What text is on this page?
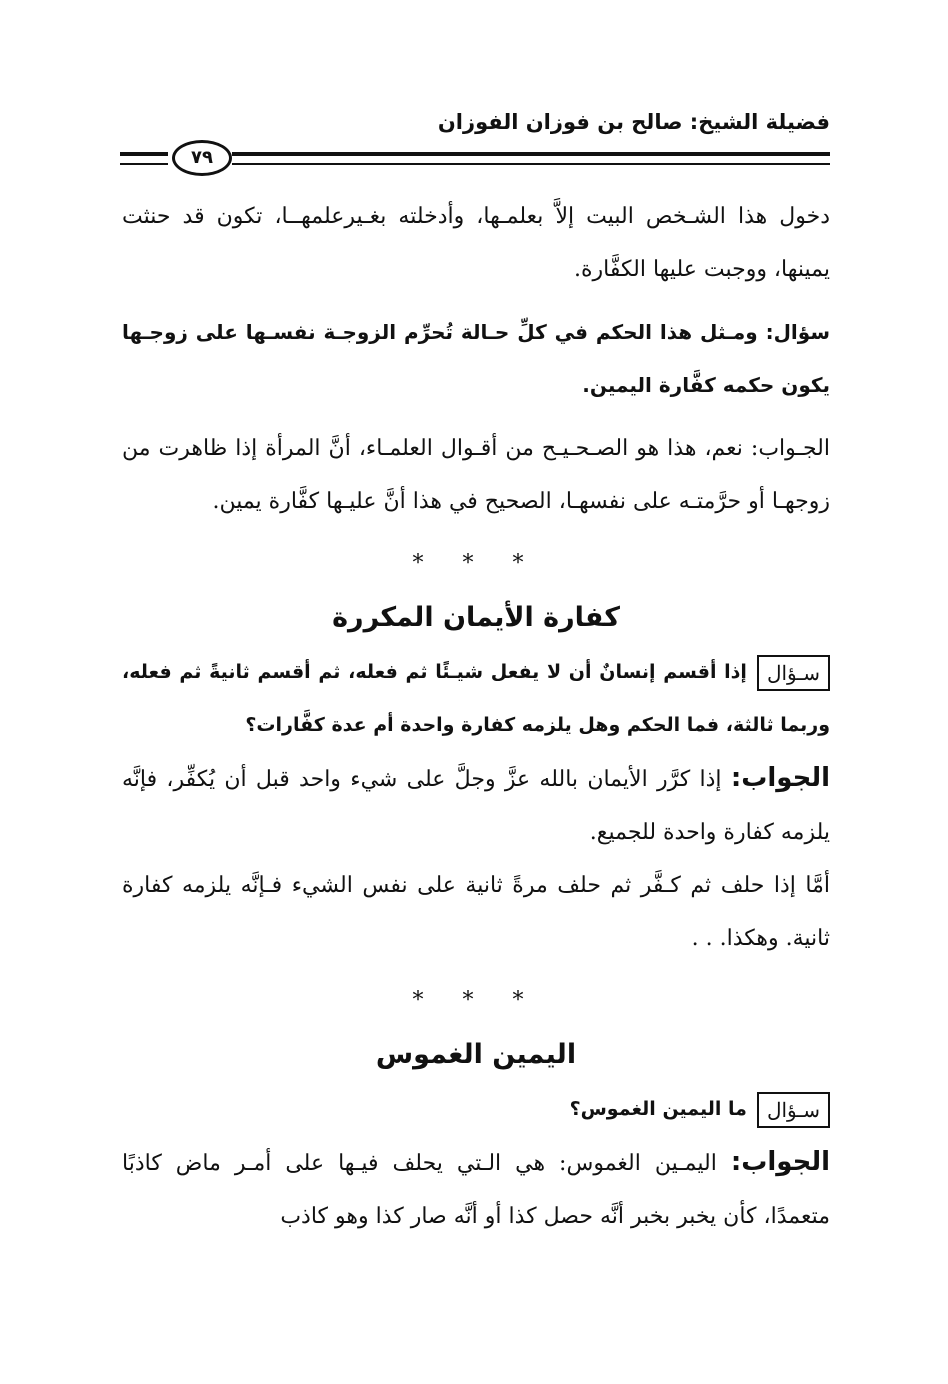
فضيلة الشيخ: صالح بن فوزان الفوزان
٧٩

دخول هذا الشـخص البيت إلاَّ بعلمـها، وأدخلته بغـيرعلمهــا، تكون قد حنثت يمينها، ووجبت عليها الكفَّارة.

سؤال: ومـثل هذا الحكم في كلِّ حـالة تُحرِّم الزوجـة نفسـها على زوجـها يكون حكمه كفَّارة اليمين.

الجـواب: نعم، هذا هو الصـحـيـح من أقـوال العلمـاء، أنَّ المرأة إذا ظاهرت من زوجهـا أو حرَّمتـه على نفسهـا، الصحيح في هذا أنَّ عليـها كفَّارة يمين.

* * *
كفارة الأيمان المكررة
سـؤالإذا أقسم إنسانٌ أن لا يفعل شيـئًا ثم فعله، ثم أقسم ثانيةً ثم فعله، وربما ثالثة، فما الحكم وهل يلزمه كفارة واحدة أم عدة كفَّارات؟

الجواب: إذا كرَّر الأيمان بالله عزَّ وجلَّ على شيء واحد قبل أن يُكفِّر، فإنَّه يلزمه كفارة واحدة للجميع.

أمَّا إذا حلف ثم كـفَّر ثم حلف مرةً ثانية على نفس الشيء فـإنَّه يلزمه كفارة ثانية. وهكذا. . .

* * *
اليمين الغموس
سـؤالما اليمين الغموس؟

الجواب: اليمـين الغموس: هي الـتي يحلف فيـها على أمـر ماض كاذبًا متعمدًا، كأن يخبر بخبر أنَّه حصل كذا أو أنَّه صار كذا وهو كاذب
